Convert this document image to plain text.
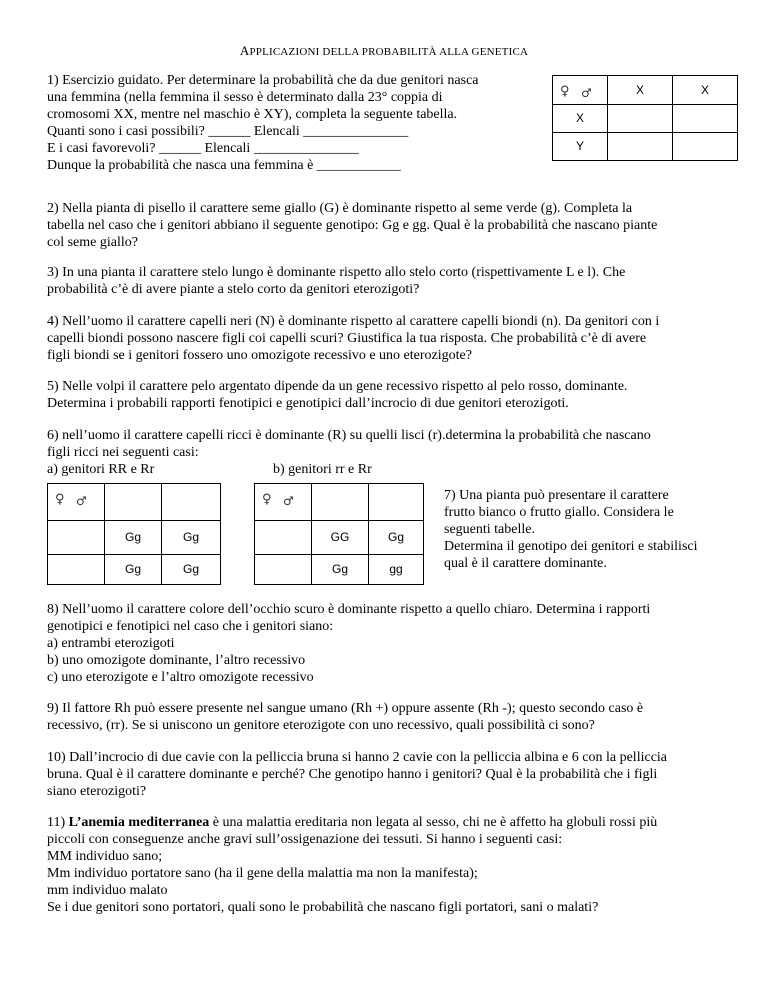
APPLICAZIONI DELLA PROBABILITÀ ALLA GENETICA

1) Esercizio guidato. Per determinare la probabilità che da due genitori nasca

una femmina (nella femmina il sesso è determinato dalla 23° coppia di

cromosomi XX, mentre nel maschio è XY), completa la seguente tabella.

Quanti sono i casi possibili? ______ Elencali _______________

E i casi favorevoli? ______ Elencali _______________

Dunque la probabilità che nasca una femmina è ____________

♀ ♂	X	X
X		
Y		

2) Nella pianta di pisello il carattere seme giallo (G) è dominante rispetto al seme verde (g). Completa la

tabella nel caso che i genitori abbiano il seguente genotipo: Gg e gg. Qual è la probabilità che nascano piante

col seme giallo?

3) In una pianta il carattere stelo lungo è dominante rispetto allo stelo corto (rispettivamente L e l). Che

probabilità c’è di avere piante a stelo corto da genitori eterozigoti?

4) Nell’uomo il carattere capelli neri (N) è dominante rispetto al carattere capelli biondi (n). Da genitori con i

capelli biondi possono nascere figli coi capelli scuri? Giustifica la tua risposta. Che probabilità c’è di avere

figli biondi se i genitori fossero uno omozigote recessivo e uno eterozigote?

5) Nelle volpi il carattere pelo argentato dipende da un gene recessivo rispetto al pelo rosso, dominante.

Determina i probabili rapporti fenotipici e genotipici dall’incrocio di due genitori eterozigoti.

6) nell’uomo il carattere capelli ricci è dominante (R) su quelli lisci (r).determina la probabilità che nascano

figli ricci nei seguenti casi:

a) genitori RR e Rr	b) genitori rr e Rr

♀ ♂		

	Gg	Gg
	Gg	Gg
♀ ♂		

	GG	Gg
	Gg	gg

7) Una pianta può presentare il carattere

frutto bianco o frutto giallo. Considera le

seguenti tabelle.

Determina il genotipo dei genitori e stabilisci

qual è il carattere dominante.

8) Nell’uomo il carattere colore dell’occhio scuro è dominante rispetto a quello chiaro. Determina i rapporti

genotipici e fenotipici nel caso che i genitori siano:

a) entrambi eterozigoti

b) uno omozigote dominante, l’altro recessivo

c) uno eterozigote e l’altro omozigote recessivo

9) Il fattore Rh può essere presente nel sangue umano (Rh +) oppure assente (Rh -); questo secondo caso è

recessivo, (rr). Se si uniscono un genitore eterozigote con uno recessivo, quali possibilità ci sono?

10) Dall’incrocio di due cavie con la pelliccia bruna si hanno 2 cavie con la pelliccia albina e 6 con la pelliccia

bruna. Qual è il carattere dominante e perché? Che genotipo hanno i genitori? Qual è la probabilità che i figli

siano eterozigoti?

11) L’anemia mediterranea è una malattia ereditaria non legata al sesso, chi ne è affetto ha globuli rossi più

piccoli con conseguenze anche gravi sull’ossigenazione dei tessuti. Si hanno i seguenti casi:

MM individuo sano;

Mm individuo portatore sano (ha il gene della malattia ma non la manifesta);

mm individuo malato

Se i due genitori sono portatori, quali sono le probabilità che nascano figli portatori, sani o malati?
